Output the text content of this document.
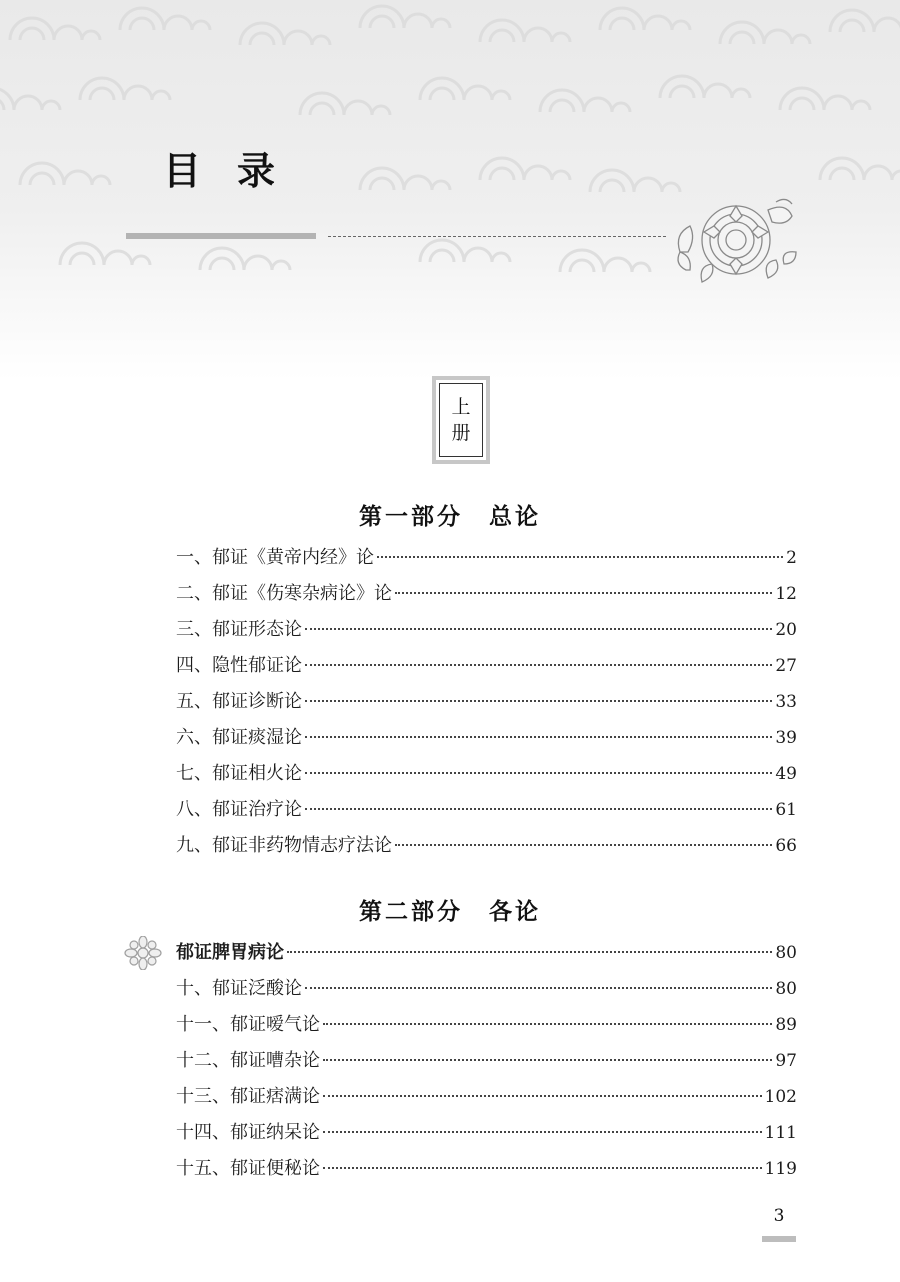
目录
上
册
第一部分 总论
一、郁证《黄帝内经》论	2
二、郁证《伤寒杂病论》论	12
三、郁证形态论	20
四、隐性郁证论	27
五、郁证诊断论	33
六、郁证痰湿论	39
七、郁证相火论	49
八、郁证治疗论	61
九、郁证非药物情志疗法论	66
第二部分 各论
郁证脾胃病论	80
十、郁证泛酸论	80
十一、郁证嗳气论	89
十二、郁证嘈杂论	97
十三、郁证痞满论	102
十四、郁证纳呆论	111
十五、郁证便秘论	119
3
